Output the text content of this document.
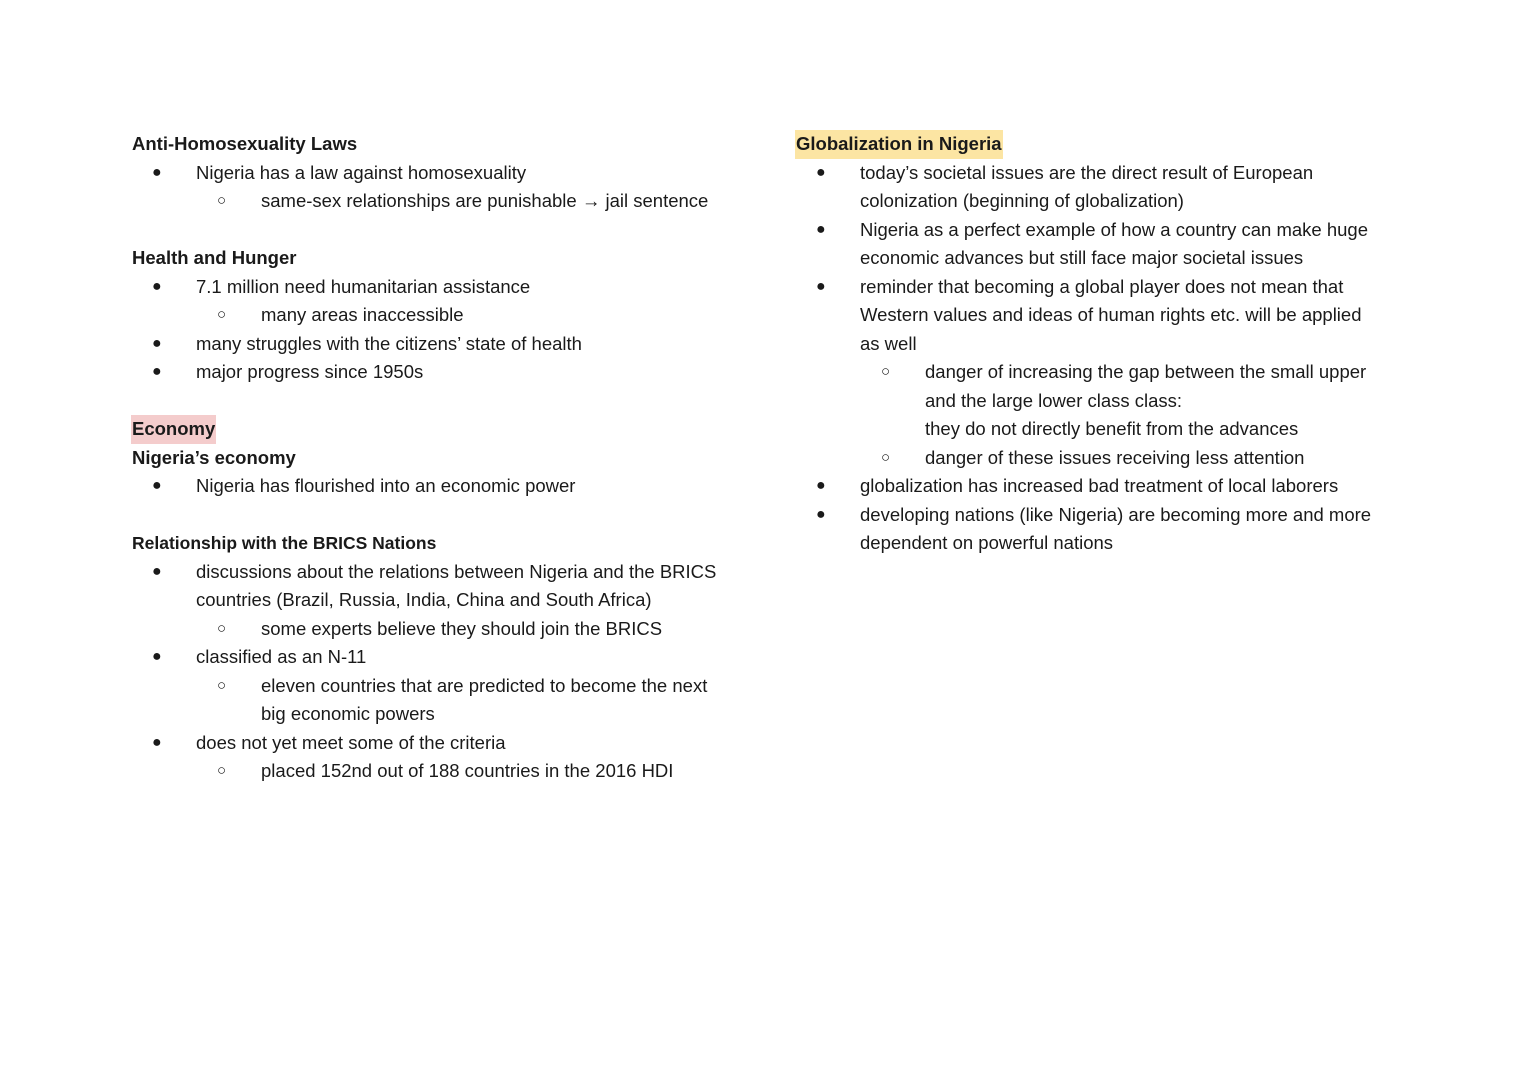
Anti-Homosexuality Laws
● Nigeria has a law against homosexuality
○ same-sex relationships are punishable → jail sentence
Health and Hunger
● 7.1 million need humanitarian assistance
○ many areas inaccessible
● many struggles with the citizens’ state of health
● major progress since 1950s
Economy
Nigeria’s economy
● Nigeria has flourished into an economic power
Relationship with the BRICS Nations
● discussions about the relations between Nigeria and the BRICS
countries (Brazil, Russia, India, China and South Africa)
○ some experts believe they should join the BRICS
● classified as an N-11
○ eleven countries that are predicted to become the next
big economic powers
● does not yet meet some of the criteria
○ placed 152nd out of 188 countries in the 2016 HDI
Globalization in Nigeria
● today’s societal issues are the direct result of European
colonization (beginning of globalization)
● Nigeria as a perfect example of how a country can make huge
economic advances but still face major societal issues
● reminder that becoming a global player does not mean that
Western values and ideas of human rights etc. will be applied
as well
○ danger of increasing the gap between the small upper
and the large lower class class:
they do not directly benefit from the advances
○ danger of these issues receiving less attention
● globalization has increased bad treatment of local laborers
● developing nations (like Nigeria) are becoming more and more
dependent on powerful nations
